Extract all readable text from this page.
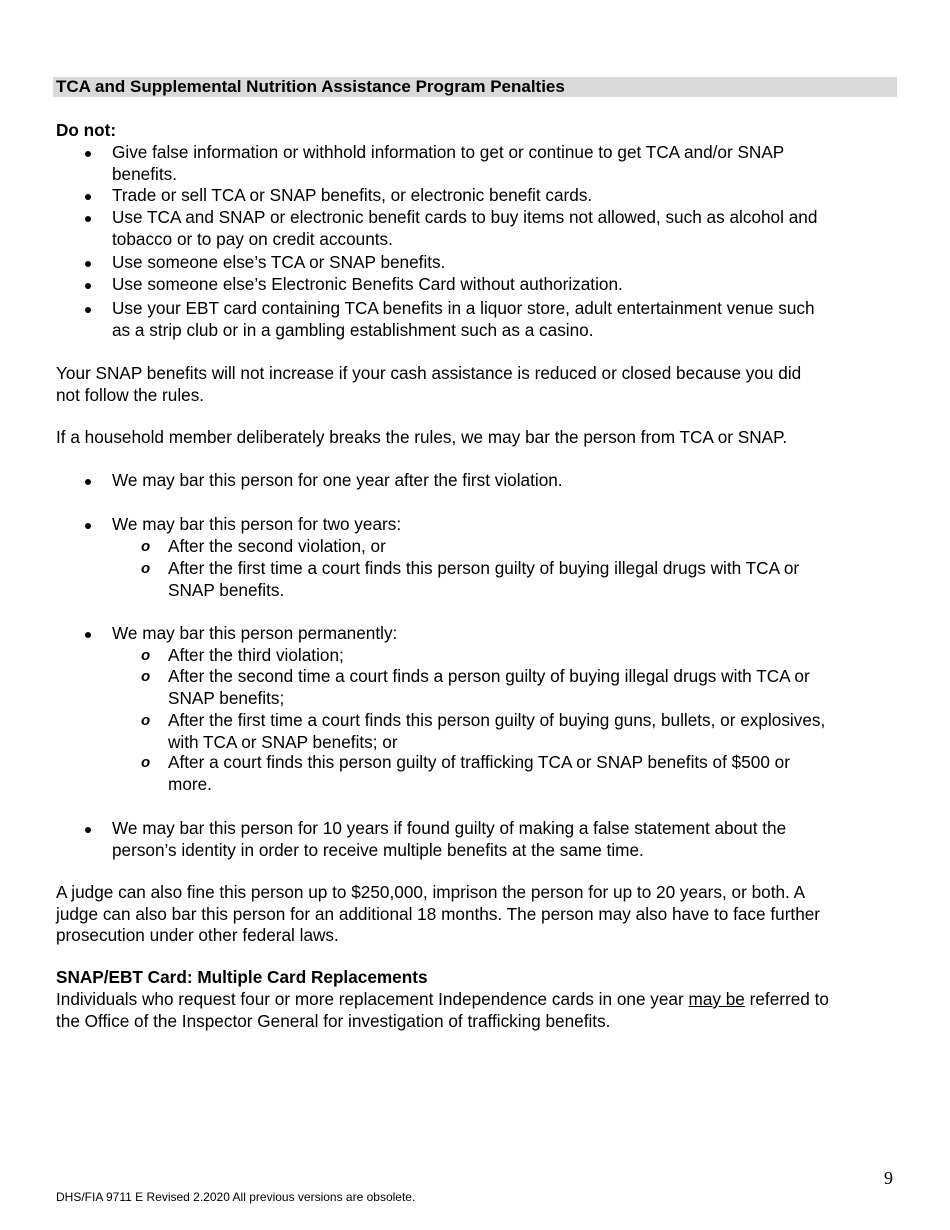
TCA and Supplemental Nutrition Assistance Program Penalties
Do not:
Give false information or withhold information to get or continue to get TCA and/or SNAP
benefits.
Trade or sell TCA or SNAP benefits, or electronic benefit cards.
Use TCA and SNAP or electronic benefit cards to buy items not allowed, such as alcohol and
tobacco or to pay on credit accounts.
Use someone else’s TCA or SNAP benefits.
Use someone else’s Electronic Benefits Card without authorization.
Use your EBT card containing TCA benefits in a liquor store, adult entertainment venue such
as a strip club or in a gambling establishment such as a casino.
Your SNAP benefits will not increase if your cash assistance is reduced or closed because you did
not follow the rules.
If a household member deliberately breaks the rules, we may bar the person from TCA or SNAP.
We may bar this person for one year after the first violation.
We may bar this person for two years:
o After the second violation, or
o After the first time a court finds this person guilty of buying illegal drugs with TCA or
SNAP benefits.
We may bar this person permanently:
o After the third violation;
o After the second time a court finds a person guilty of buying illegal drugs with TCA or
SNAP benefits;
o After the first time a court finds this person guilty of buying guns, bullets, or explosives,
with TCA or SNAP benefits; or
o After a court finds this person guilty of trafficking TCA or SNAP benefits of $500 or
more.
We may bar this person for 10 years if found guilty of making a false statement about the
person’s identity in order to receive multiple benefits at the same time.
A judge can also fine this person up to $250,000, imprison the person for up to 20 years, or both. A
judge can also bar this person for an additional 18 months. The person may also have to face further
prosecution under other federal laws.
SNAP/EBT Card: Multiple Card Replacements
Individuals who request four or more replacement Independence cards in one year may be referred to
the Office of the Inspector General for investigation of trafficking benefits.
9
DHS/FIA 9711 E Revised 2.2020 All previous versions are obsolete.
